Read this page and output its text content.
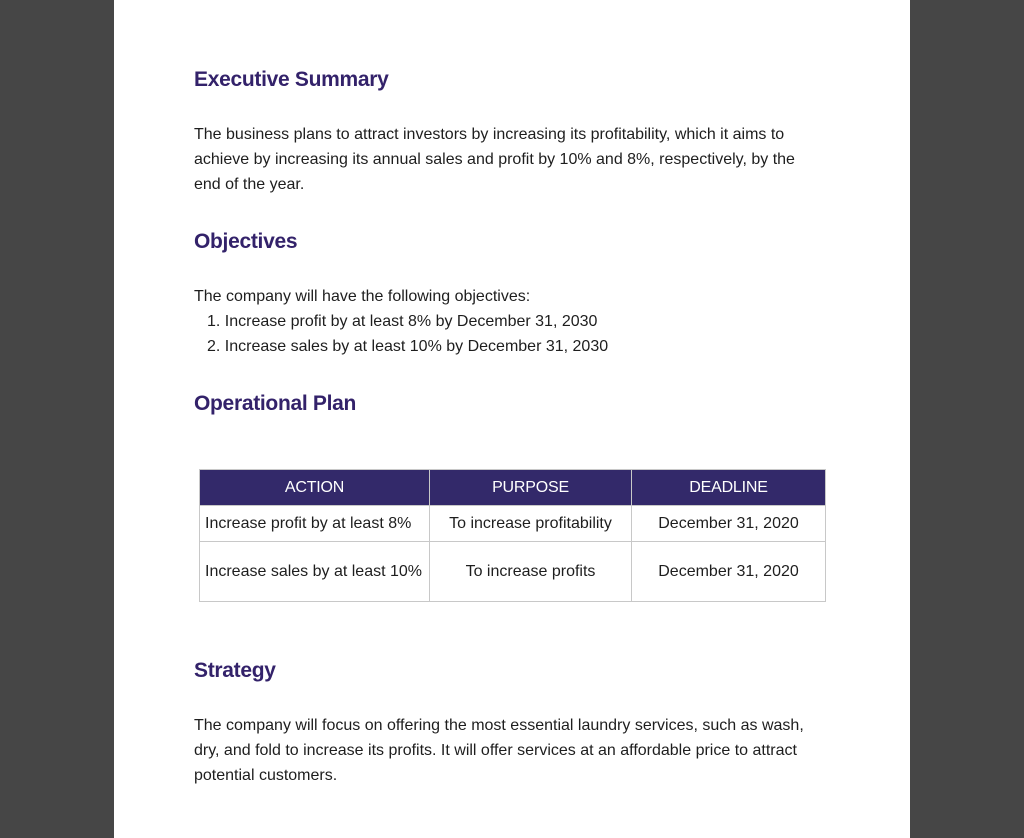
Executive Summary

The business plans to attract investors by increasing its profitability, which it aims to achieve by increasing its annual sales and profit by 10% and 8%, respectively, by the end of the year.

Objectives

The company will have the following objectives:

1. Increase profit by at least 8% by December 31, 2030
2. Increase sales by at least 10% by December 31, 2030
Operational Plan
ACTION	PURPOSE	DEADLINE
Increase profit by at least 8%	To increase profitability	December 31, 2020
Increase sales by at least 10%	To increase profits	December 31, 2020
Strategy

The company will focus on offering the most essential laundry services, such as wash, dry, and fold to increase its profits. It will offer services at an affordable price to attract potential customers.
